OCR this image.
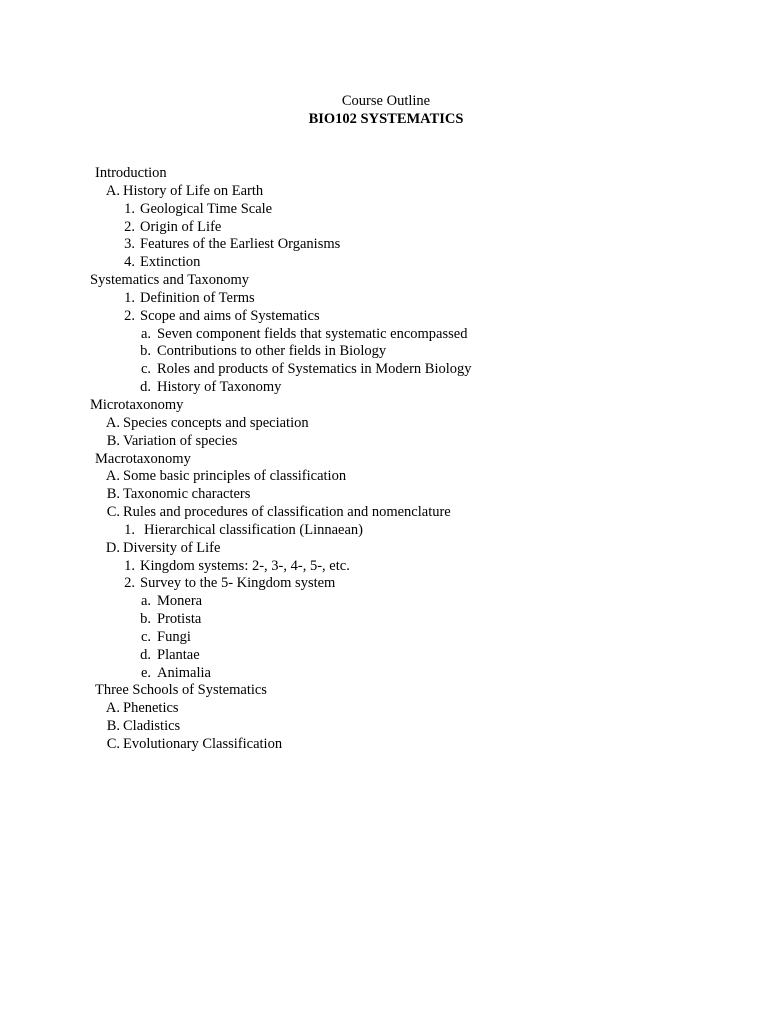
Course Outline
BIO102 SYSTEMATICS
Introduction
A. History of Life on Earth
1. Geological Time Scale
2. Origin of Life
3. Features of the Earliest Organisms
4. Extinction
Systematics and Taxonomy
1. Definition of Terms
2. Scope and aims of Systematics
a. Seven component fields that systematic encompassed
b. Contributions to other fields in Biology
c. Roles and products of Systematics in Modern Biology
d. History of Taxonomy
Microtaxonomy
A. Species concepts and speciation
B. Variation of species
Macrotaxonomy
A. Some basic principles of classification
B. Taxonomic characters
C. Rules and procedures of classification and nomenclature
1. Hierarchical classification (Linnaean)
D. Diversity of Life
1. Kingdom systems: 2-, 3-, 4-, 5-, etc.
2. Survey to the 5- Kingdom system
a. Monera
b. Protista
c. Fungi
d. Plantae
e. Animalia
Three Schools of Systematics
A. Phenetics
B. Cladistics
C. Evolutionary Classification
